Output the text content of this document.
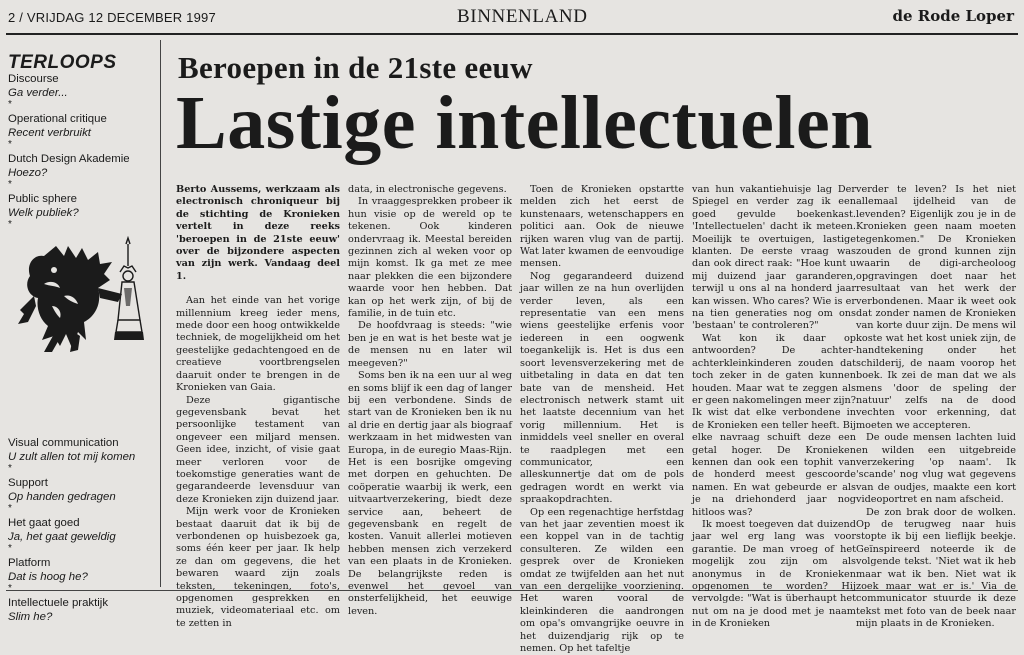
2 / VRIJDAG 12 DECEMBER 1997	BINNENLAND	de Rode Loper
TERLOOPS
Discourse
Ga verder...
*
Operational critique
Recent verbruikt
*
Dutch Design Akademie
Hoezo?
*
Public sphere
Welk publiek?
*
Visual communication
U zult allen tot mij komen
*
Support
Op handen gedragen
*
Het gaat goed
Ja, het gaat geweldig
*
Platform
Dat is hoog he?
*
Intellectuele praktijk
Slim he?
Beroepen in de 21ste eeuw
Lastige intellectuelen

Berto Aussems, werkzaam als electronisch chroniqueur bij de stichting de Kronieken vertelt in deze reeks 'beroepen in de 21ste eeuw' over de bijzondere aspecten van zijn werk. Vandaag deel 1.

Aan het einde van het vorige millennium kreeg ieder mens, mede door een hoog ontwikkelde techniek, de mogelijkheid om het geestelijke gedachtengoed en de creatieve voortbrengselen daaruit onder te brengen in de Kronieken van Gaia.

Deze gigantische gegevensbank bevat het persoonlijke testament van ongeveer een miljard mensen. Geen idee, inzicht, of visie gaat meer verloren voor de toekomstige generaties want de gegarandeerde levensduur van deze Kronieken zijn duizend jaar.

Mijn werk voor de Kronieken bestaat daaruit dat ik bij de verbondenen op huisbezoek ga, soms één keer per jaar. Ik help ze dan om gegevens, die het bewaren waard zijn zoals teksten, tekeningen, foto's, opgenomen gesprekken en muziek, videomateriaal etc. om te zetten in

data, in electronische gegevens.

In vraaggesprekken probeer ik hun visie op de wereld op te tekenen. Ook kinderen ondervraag ik. Meestal bereiden gezinnen zich al weken voor op mijn komst. Ik ga met ze mee naar plekken die een bijzondere waarde voor hen hebben. Dat kan op het werk zijn, of bij de familie, in de tuin etc.

De hoofdvraag is steeds: "wie ben je en wat is het beste wat je de mensen nu en later wil meegeven?"

Soms ben ik na een uur al weg en soms blijf ik een dag of langer bij een verbondene. Sinds de start van de Kronieken ben ik nu al drie en dertig jaar als biograaf werkzaam in het midwesten van Europa, in de euregio Maas-Rijn. Het is een bosrijke omgeving met dorpen en gehuchten. De coöperatie waarbij ik werk, een uitvaartverzekering, biedt deze service aan, beheert de gegevensbank en regelt de kosten. Vanuit allerlei motieven hebben mensen zich verzekerd van een plaats in de Kronieken. De belangrijkste reden is evenwel het gevoel van onsterfelijkheid, het eeuwige leven.

Toen de Kronieken opstartte melden zich het eerst de kunstenaars, wetenschappers en politici aan. Ook de nieuwe rijken waren vlug van de partij. Wat later kwamen de eenvoudige mensen.

Nog gegarandeerd duizend jaar willen ze na hun overlijden verder leven, als een representatie van een mens wiens geestelijke erfenis voor iedereen in een oogwenk toegankelijk is. Het is dus een soort levensverzekering met de uitbetaling in data en dat ten bate van de mensheid. Het electronisch netwerk stamt uit het laatste decennium van het vorig millennium. Het is inmiddels veel sneller en overal te raadplegen met een communicator, een alleskunnertje dat om de pols gedragen wordt en werkt via spraakopdrachten.

Op een regenachtige herfstdag van het jaar zeventien moest ik een koppel van in de tachtig consulteren. Ze wilden een gesprek over de Kronieken omdat ze twijfelden aan het nut van een dergelijke voorziening. Het waren vooral de kleinkinderen die aandrongen om opa's omvangrijke oeuvre in het duizendjarig rijk op te nemen. Op het tafeltje

van hun vakantiehuisje lag Der Spiegel en verder zag ik een goed gevulde boekenkast. 'Intellectuelen' dacht ik meteen. Moeilijk te overtuigen, lastige klanten. De eerste vraag was dan ook direct raak: "Hoe kunt u mij duizend jaar garanderen, terwijl u ons al na honderd jaar kan wissen. Who cares? Wie is er na tien generaties nog om ons 'bestaan' te controleren?"

Wat kon ik daar op antwoorden? De achter-achterkleinkinderen zouden dat toch zeker in de gaten kunnen houden. Maar wat te zeggen als er geen nakomelingen meer zijn? Ik wist dat elke verbondene in de Kronieken een teller heeft. Bij elke navraag schuift deze een getal hoger. De Kronieken kennen dan ook een tophit van de honderd meest gescoorde namen. En wat gebeurde er als je na driehonderd jaar nog hitloos was?

Ik moest toegeven dat duizend jaar wel erg lang was voor garantie. De man vroeg of het mogelijk zou zijn om als anonymus in de Kronieken opgenomen te worden? Hij vervolgde: "Wat is überhaupt het nut om na je dood met je naam in de Kronieken

verder te leven? Is het niet allemaal ijdelheid van de levenden? Eigenlijk zou je in de Kronieken geen naam moeten tegenkomen." De Kronieken zouden de grond kunnen zijn waarin de digi-archeoloog opgravingen doet naar het resultaat van het werk der verbondenen. Maar ik weet ook dat zonder namen de Kronieken van korte duur zijn. De mens wil koste wat het kost uniek zijn, de handtekening onder het schilderij, de naam voorop het boek. Ik zei de man dat we als mens 'door de speling der natuur' zelfs na de dood vechten voor erkenning, dat moeten we accepteren.

De oude mensen lachten luid en wilden een uitgebreide verzekering 'op naam'. Ik 'scande' nog vlug wat gegevens van de oudjes, maakte een kort videoportret en nam afscheid.

De zon brak door de wolken. Op de terugweg naar huis stopte ik bij een lieflijk beekje. Geïnspireerd noteerde ik de volgende tekst. 'Niet wat ik heb maar wat ik ben. Niet wat ik zoek maar wat er is.' Via de communicator stuurde ik deze tekst met foto van de beek naar mijn plaats in de Kronieken.
